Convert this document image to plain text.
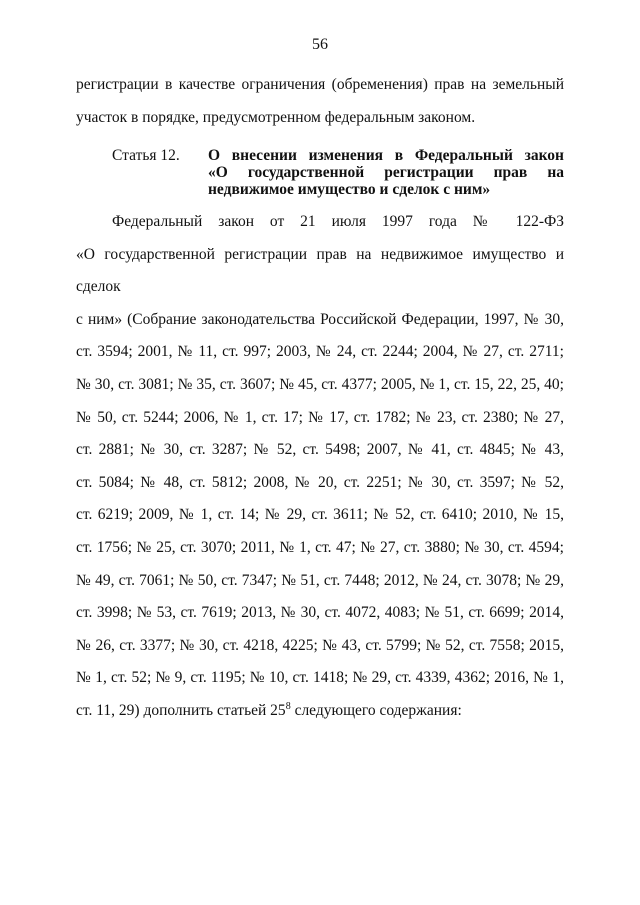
56
регистрации в качестве ограничения (обременения) прав на земельный
участок в порядке, предусмотренном федеральным законом.
Статья 12. О внесении изменения в Федеральный закон
«О государственной регистрации прав на
недвижимое имущество и сделок с ним»
Федеральный закон от 21 июля 1997 года № 122-ФЗ
«О государственной регистрации прав на недвижимое имущество и сделок
с ним» (Собрание законодательства Российской Федерации, 1997, № 30,
ст. 3594; 2001, № 11, ст. 997; 2003, № 24, ст. 2244; 2004, № 27, ст. 2711;
№ 30, ст. 3081; № 35, ст. 3607; № 45, ст. 4377; 2005, № 1, ст. 15, 22, 25, 40;
№ 50, ст. 5244; 2006, № 1, ст. 17; № 17, ст. 1782; № 23, ст. 2380; № 27,
ст. 2881; № 30, ст. 3287; № 52, ст. 5498; 2007, № 41, ст. 4845; № 43,
ст. 5084; № 48, ст. 5812; 2008, № 20, ст. 2251; № 30, ст. 3597; № 52,
ст. 6219; 2009, № 1, ст. 14; № 29, ст. 3611; № 52, ст. 6410; 2010, № 15,
ст. 1756; № 25, ст. 3070; 2011, № 1, ст. 47; № 27, ст. 3880; № 30, ст. 4594;
№ 49, ст. 7061; № 50, ст. 7347; № 51, ст. 7448; 2012, № 24, ст. 3078; № 29,
ст. 3998; № 53, ст. 7619; 2013, № 30, ст. 4072, 4083; № 51, ст. 6699; 2014,
№ 26, ст. 3377; № 30, ст. 4218, 4225; № 43, ст. 5799; № 52, ст. 7558; 2015,
№ 1, ст. 52; № 9, ст. 1195; № 10, ст. 1418; № 29, ст. 4339, 4362; 2016, № 1,
ст. 11, 29) дополнить статьей $25^8$ следующего содержания:
